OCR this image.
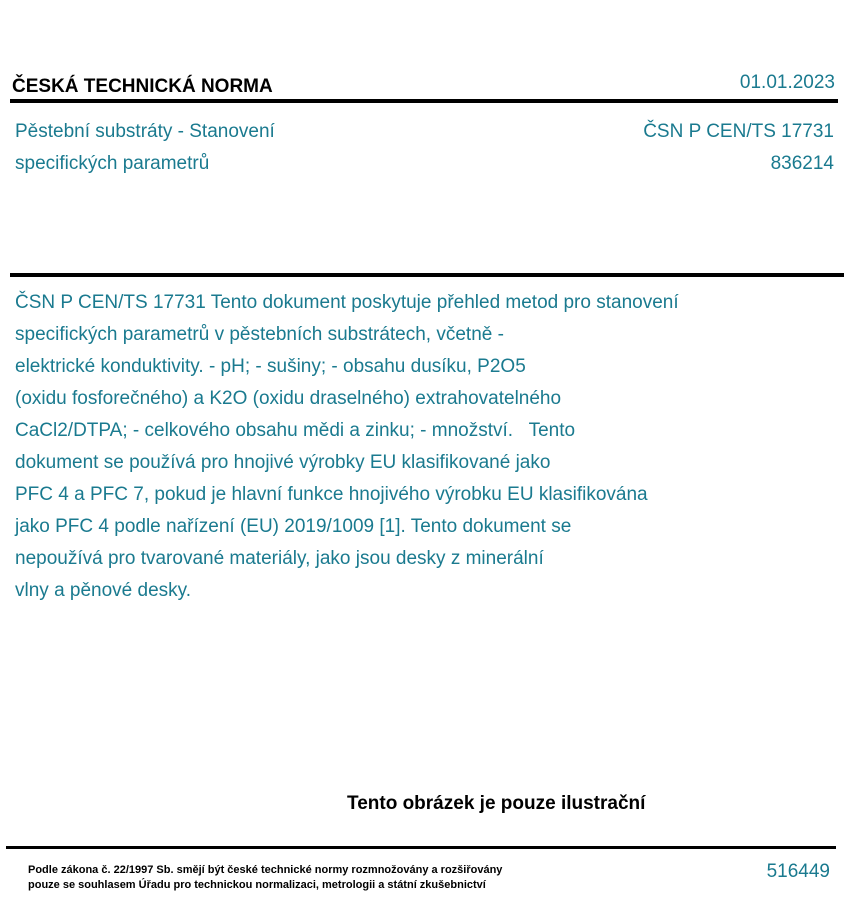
ČESKÁ TECHNICKÁ NORMA	01.01.2023
Pěstební substráty - Stanovení
specifických parametrů
ČSN P CEN/TS 17731
836214
ČSN P CEN/TS 17731 Tento dokument poskytuje přehled metod pro stanovení
specifických parametrů v pěstebních substrátech, včetně -
elektrické konduktivity. - pH; - sušiny; - obsahu dusíku, P2O5
(oxidu fosforečného) a K2O (oxidu draselného) extrahovatelného
CaCl2/DTPA; - celkového obsahu mědi a zinku; - množství.   Tento
dokument se používá pro hnojivé výrobky EU klasifikované jako
PFC 4 a PFC 7, pokud je hlavní funkce hnojivého výrobku EU klasifikována
jako PFC 4 podle nařízení (EU) 2019/1009 [1]. Tento dokument se
nepoužívá pro tvarované materiály, jako jsou desky z minerální
vlny a pěnové desky.
Tento obrázek je pouze ilustrační
Podle zákona č. 22/1997 Sb. smějí být české technické normy rozmnožovány a rozšiřovány
pouze se souhlasem Úřadu pro technickou normalizaci, metrologii a státní zkušebnictví
516449
